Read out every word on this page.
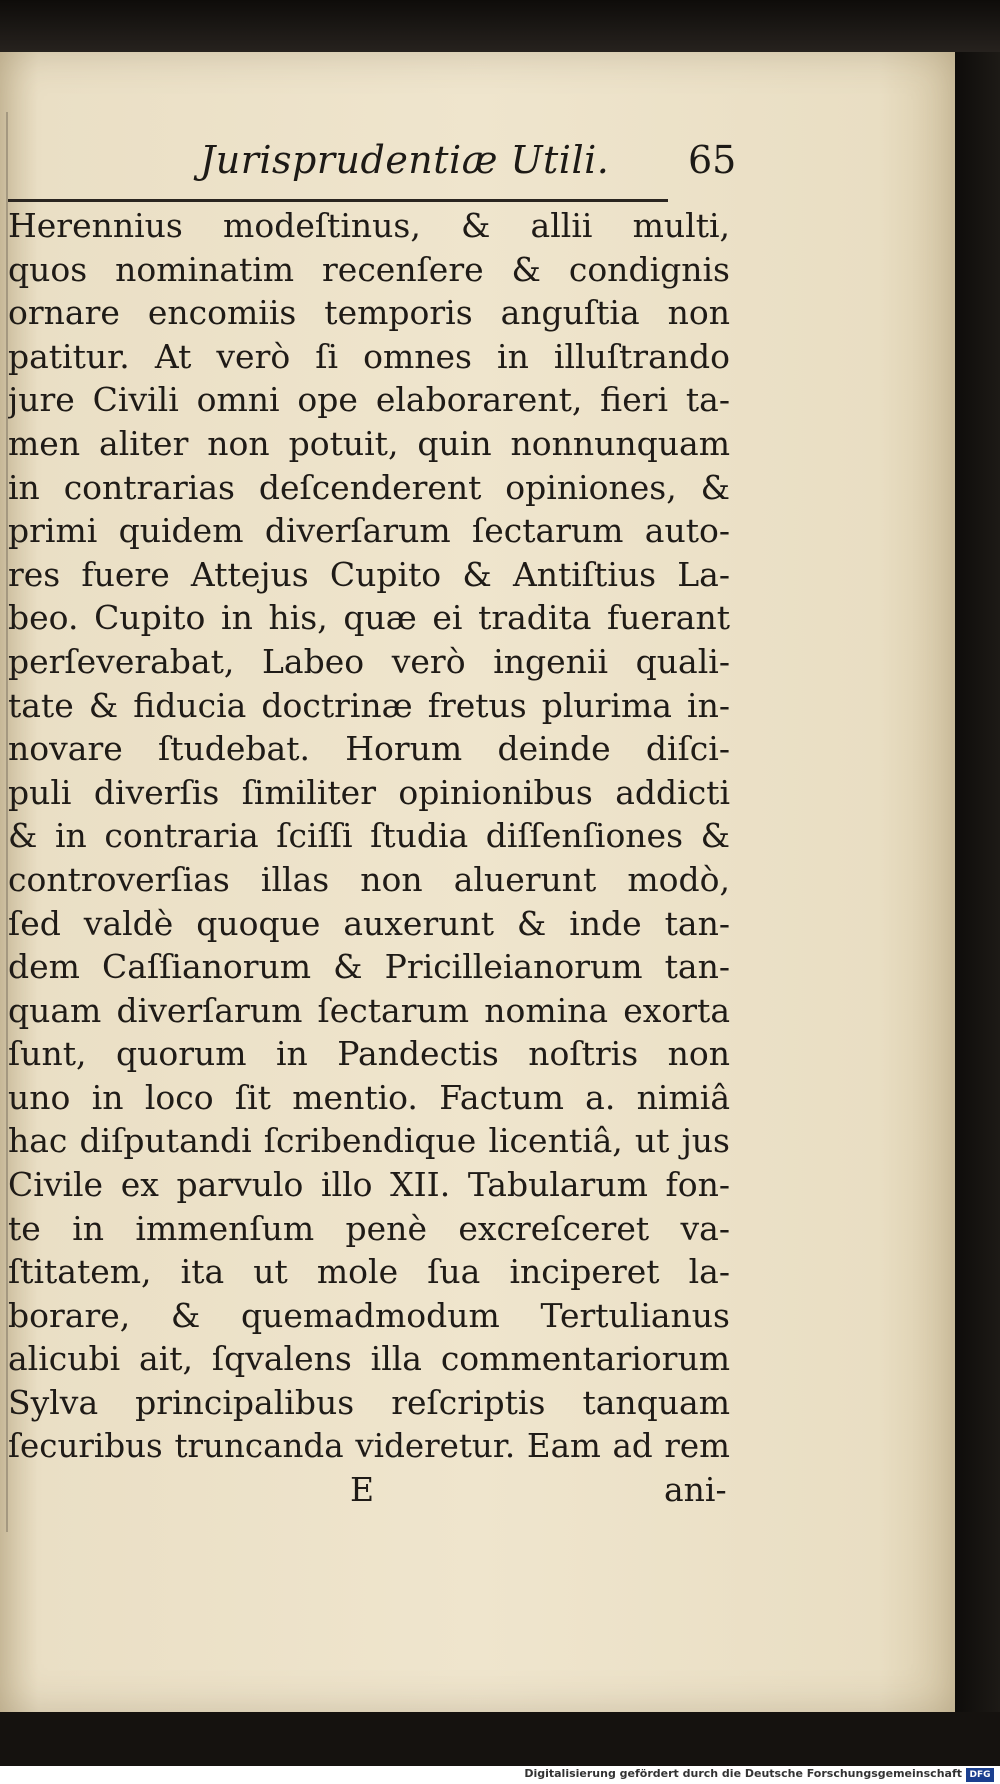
Jurisprudentiæ Utili. 65
Herennius modeſtinus, & allii multi,
quos nominatim recenſere & condignis
ornare encomiis temporis anguſtia non
patitur. At verò ſi omnes in illuſtrando
jure Civili omni ope elaborarent, fieri ta-
men aliter non potuit, quin nonnunquam
in contrarias deſcenderent opiniones, &
primi quidem diverſarum ſectarum auto-
res fuere Attejus Cupito & Antiſtius La-
beo. Cupito in his, quæ ei tradita fuerant
perſeverabat, Labeo verò ingenii quali-
tate & fiducia doctrinæ fretus plurima in-
novare ſtudebat. Horum deinde diſci-
puli diverſis ſimiliter opinionibus addicti
& in contraria ſciſſi ſtudia diſſenſiones &
controverſias illas non aluerunt modò,
ſed valdè quoque auxerunt & inde tan-
dem Caſſianorum & Pricilleianorum tan-
quam diverſarum ſectarum nomina exorta
ſunt, quorum in Pandectis noſtris non
uno in loco ſit mentio. Factum a. nimiâ
hac diſputandi ſcribendique licentiâ, ut jus
Civile ex parvulo illo XII. Tabularum fon-
te in immenſum penè excreſceret va-
ſtitatem, ita ut mole ſua inciperet la-
borare, & quemadmodum Tertulianus
alicubi ait, ſqvalens illa commentariorum
Sylva principalibus reſcriptis tanquam
ſecuribus truncanda videretur. Eam ad rem
E	ani-
Digitalisierung gefördert durch die Deutsche Forschungsgemeinschaft DFG
